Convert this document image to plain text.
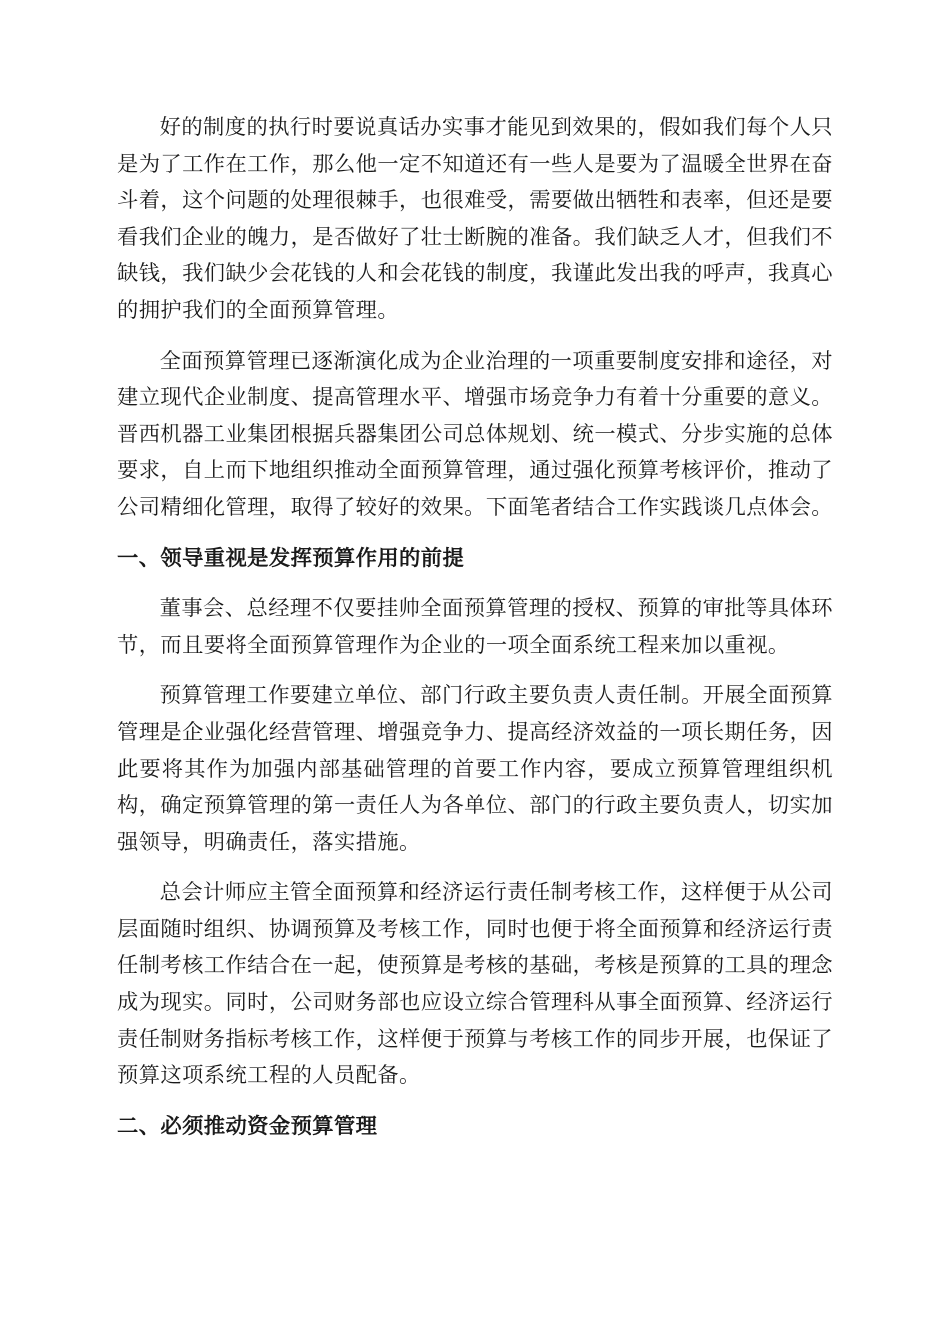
好的制度的执行时要说真话办实事才能见到效果的，假如我们每个人只是为了工作在工作，那么他一定不知道还有一些人是要为了温暖全世界在奋斗着，这个问题的处理很棘手，也很难受，需要做出牺牲和表率，但还是要看我们企业的魄力，是否做好了壮士断腕的准备。我们缺乏人才，但我们不缺钱，我们缺少会花钱的人和会花钱的制度，我谨此发出我的呼声，我真心的拥护我们的全面预算管理。

全面预算管理已逐渐演化成为企业治理的一项重要制度安排和途径，对建立现代企业制度、提高管理水平、增强市场竞争力有着十分重要的意义。晋西机器工业集团根据兵器集团公司总体规划、统一模式、分步实施的总体要求，自上而下地组织推动全面预算管理，通过强化预算考核评价，推动了公司精细化管理，取得了较好的效果。下面笔者结合工作实践谈几点体会。

一、领导重视是发挥预算作用的前提

董事会、总经理不仅要挂帅全面预算管理的授权、预算的审批等具体环节，而且要将全面预算管理作为企业的一项全面系统工程来加以重视。

预算管理工作要建立单位、部门行政主要负责人责任制。开展全面预算管理是企业强化经营管理、增强竞争力、提高经济效益的一项长期任务，因此要将其作为加强内部基础管理的首要工作内容，要成立预算管理组织机构，确定预算管理的第一责任人为各单位、部门的行政主要负责人，切实加强领导，明确责任，落实措施。

总会计师应主管全面预算和经济运行责任制考核工作，这样便于从公司层面随时组织、协调预算及考核工作，同时也便于将全面预算和经济运行责任制考核工作结合在一起，使预算是考核的基础，考核是预算的工具的理念成为现实。同时，公司财务部也应设立综合管理科从事全面预算、经济运行责任制财务指标考核工作，这样便于预算与考核工作的同步开展，也保证了预算这项系统工程的人员配备。

二、必须推动资金预算管理
